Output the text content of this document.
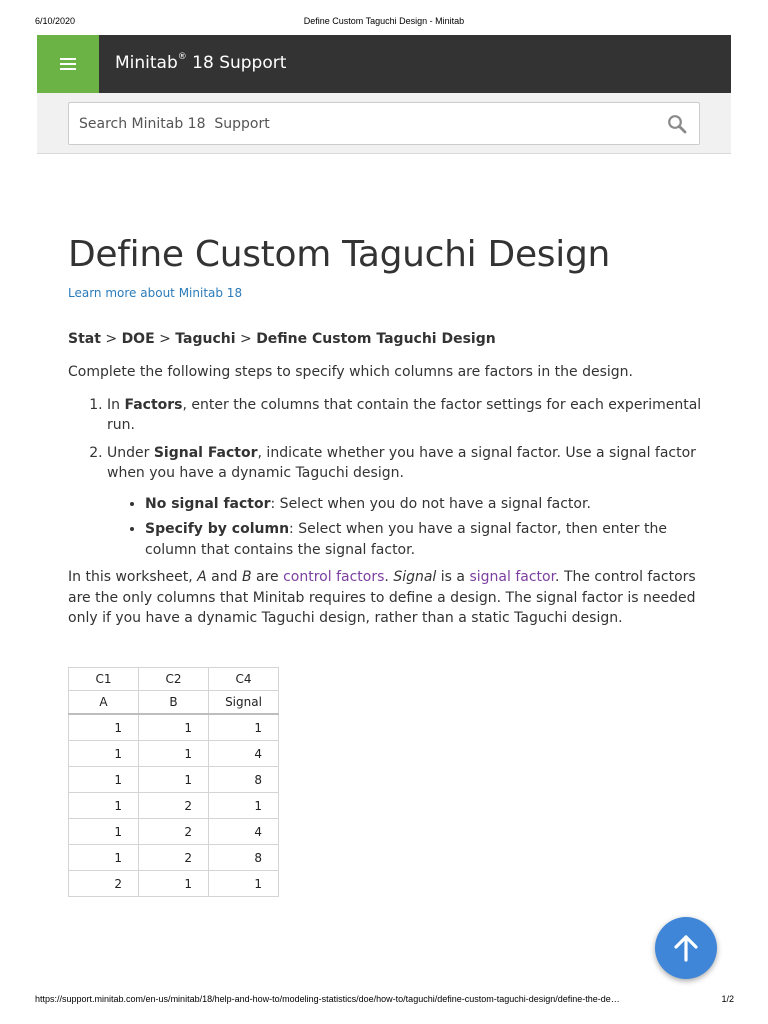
6/10/2020	Define Custom Taguchi Design - Minitab
Minitab® 18 Support
Search Minitab 18 Support
Define Custom Taguchi Design
Learn more about Minitab 18
Stat > DOE > Taguchi > Define Custom Taguchi Design

Complete the following steps to specify which columns are factors in the design.

1. In Factors, enter the columns that contain the factor settings for each experimental run.
2. Under Signal Factor, indicate whether you have a signal factor. Use a signal factor when you have a dynamic Taguchi design.
• No signal factor: Select when you do not have a signal factor.
• Specify by column: Select when you have a signal factor, then enter the column that contains the signal factor.

In this worksheet, A and B are control factors. Signal is a signal factor. The control factors are the only columns that Minitab requires to define a design. The signal factor is needed only if you have a dynamic Taguchi design, rather than a static Taguchi design.

C1	C2	C4
A	B	Signal
1	1	1
1	1	4
1	1	8
1	2	1
1	2	4
1	2	8
2	1	1
https://support.minitab.com/en-us/minitab/18/help-and-how-to/modeling-statistics/doe/how-to/taguchi/define-custom-taguchi-design/define-the-de…	1/2
